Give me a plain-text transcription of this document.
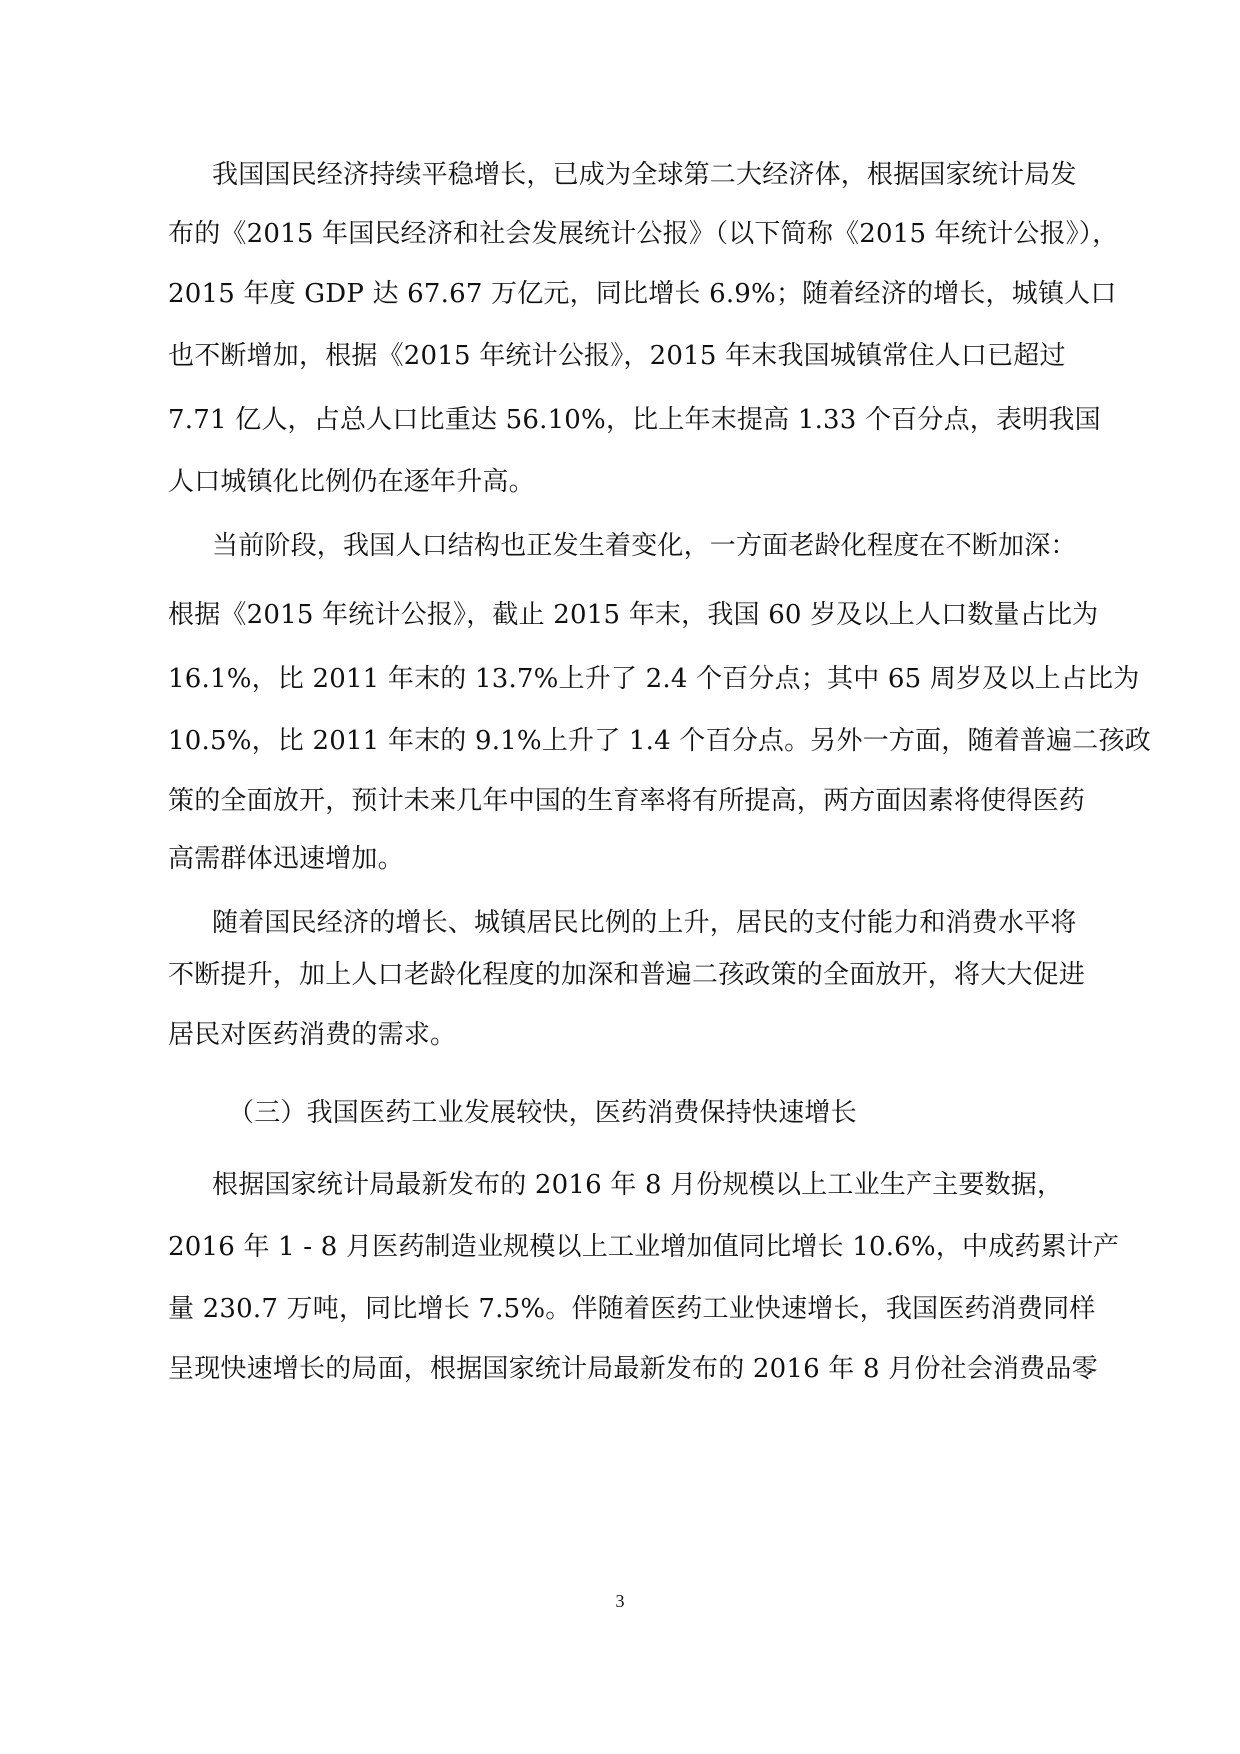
我国国民经济持续平稳增长，已成为全球第二大经济体，根据国家统计局发
布的《2015 年国民经济和社会发展统计公报》（以下简称《2015 年统计公报》），
2015 年度 GDP 达 67.67 万亿元，同比增长 6.9%；随着经济的增长，城镇人口
也不断增加，根据《2015 年统计公报》，2015 年末我国城镇常住人口已超过
7.71 亿人，占总人口比重达 56.10%，比上年末提高 1.33 个百分点，表明我国
人口城镇化比例仍在逐年升高。
当前阶段，我国人口结构也正发生着变化，一方面老龄化程度在不断加深：
根据《2015 年统计公报》，截止 2015 年末，我国 60 岁及以上人口数量占比为
16.1%，比 2011 年末的 13.7%上升了 2.4 个百分点；其中 65 周岁及以上占比为
10.5%，比 2011 年末的 9.1%上升了 1.4 个百分点。另外一方面，随着普遍二孩政
策的全面放开，预计未来几年中国的生育率将有所提高，两方面因素将使得医药
高需群体迅速增加。
随着国民经济的增长、城镇居民比例的上升，居民的支付能力和消费水平将
不断提升，加上人口老龄化程度的加深和普遍二孩政策的全面放开，将大大促进
居民对医药消费的需求。
（三）我国医药工业发展较快，医药消费保持快速增长
根据国家统计局最新发布的 2016 年 8 月份规模以上工业生产主要数据，
2016 年 1 - 8 月医药制造业规模以上工业增加值同比增长 10.6%，中成药累计产
量 230.7 万吨，同比增长 7.5%。伴随着医药工业快速增长，我国医药消费同样
呈现快速增长的局面，根据国家统计局最新发布的 2016 年 8 月份社会消费品零
3
